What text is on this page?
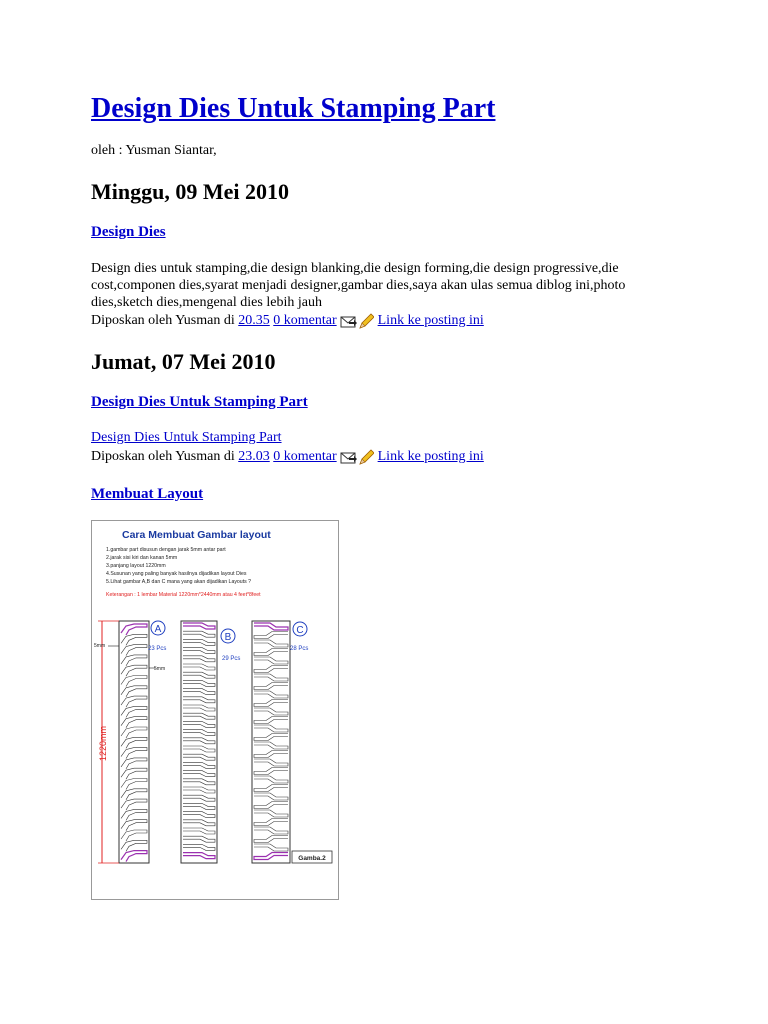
Design Dies Untuk Stamping Part
oleh : Yusman Siantar,
Minggu, 09 Mei 2010
Design Dies
Design dies untuk stamping,die design blanking,die design forming,die design progressive,die cost,componen dies,syarat menjadi designer,gambar dies,saya akan ulas semua diblog ini,photo dies,sketch dies,mengenal dies lebih jauh
Diposkan oleh Yusman di 20.35 0 komentar	Link ke posting ini
Jumat, 07 Mei 2010
Design Dies Untuk Stamping Part
Design Dies Untuk Stamping Part
Diposkan oleh Yusman di 23.03 0 komentar	Link ke posting ini
Membuat Layout
Cara Membuat Gambar layout
1.gambar part disusun dengan jarak 5mm antar part
2.jarak sisi kiri dan kanan 5mm
3.panjang layout 1220mm
4.Susunan yang paling banyak hasilnya dijadikan layout Dies
5.Lihat gambar A,B dan C mana yang akan dijadikan Layouts ?
Keterangan : 1 lembar Material 1220mm*2440mm atau 4 feet*8feet
A
B
C
23 Pcs
29 Pcs
28 Pcs
1220mm
5mm
5mm
Gamba.2
